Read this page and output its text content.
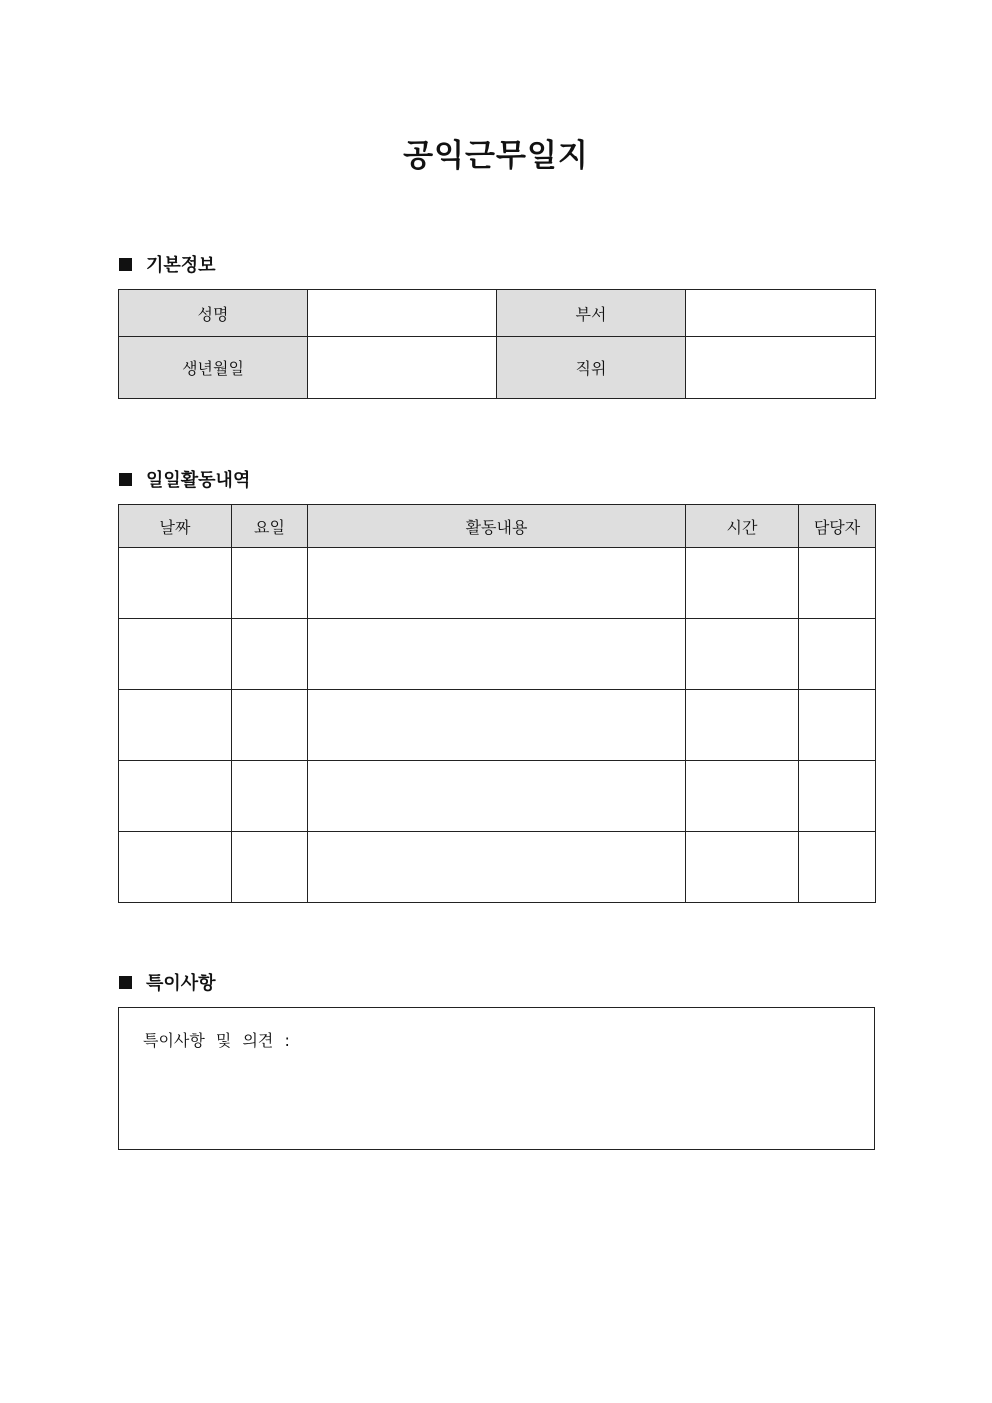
공익근무일지
기본정보
성명		부서	
생년월일		직위	
일일활동내역
날짜	요일	활동내용	시간	담당자

특이사항
특이사항 및 의견 :
